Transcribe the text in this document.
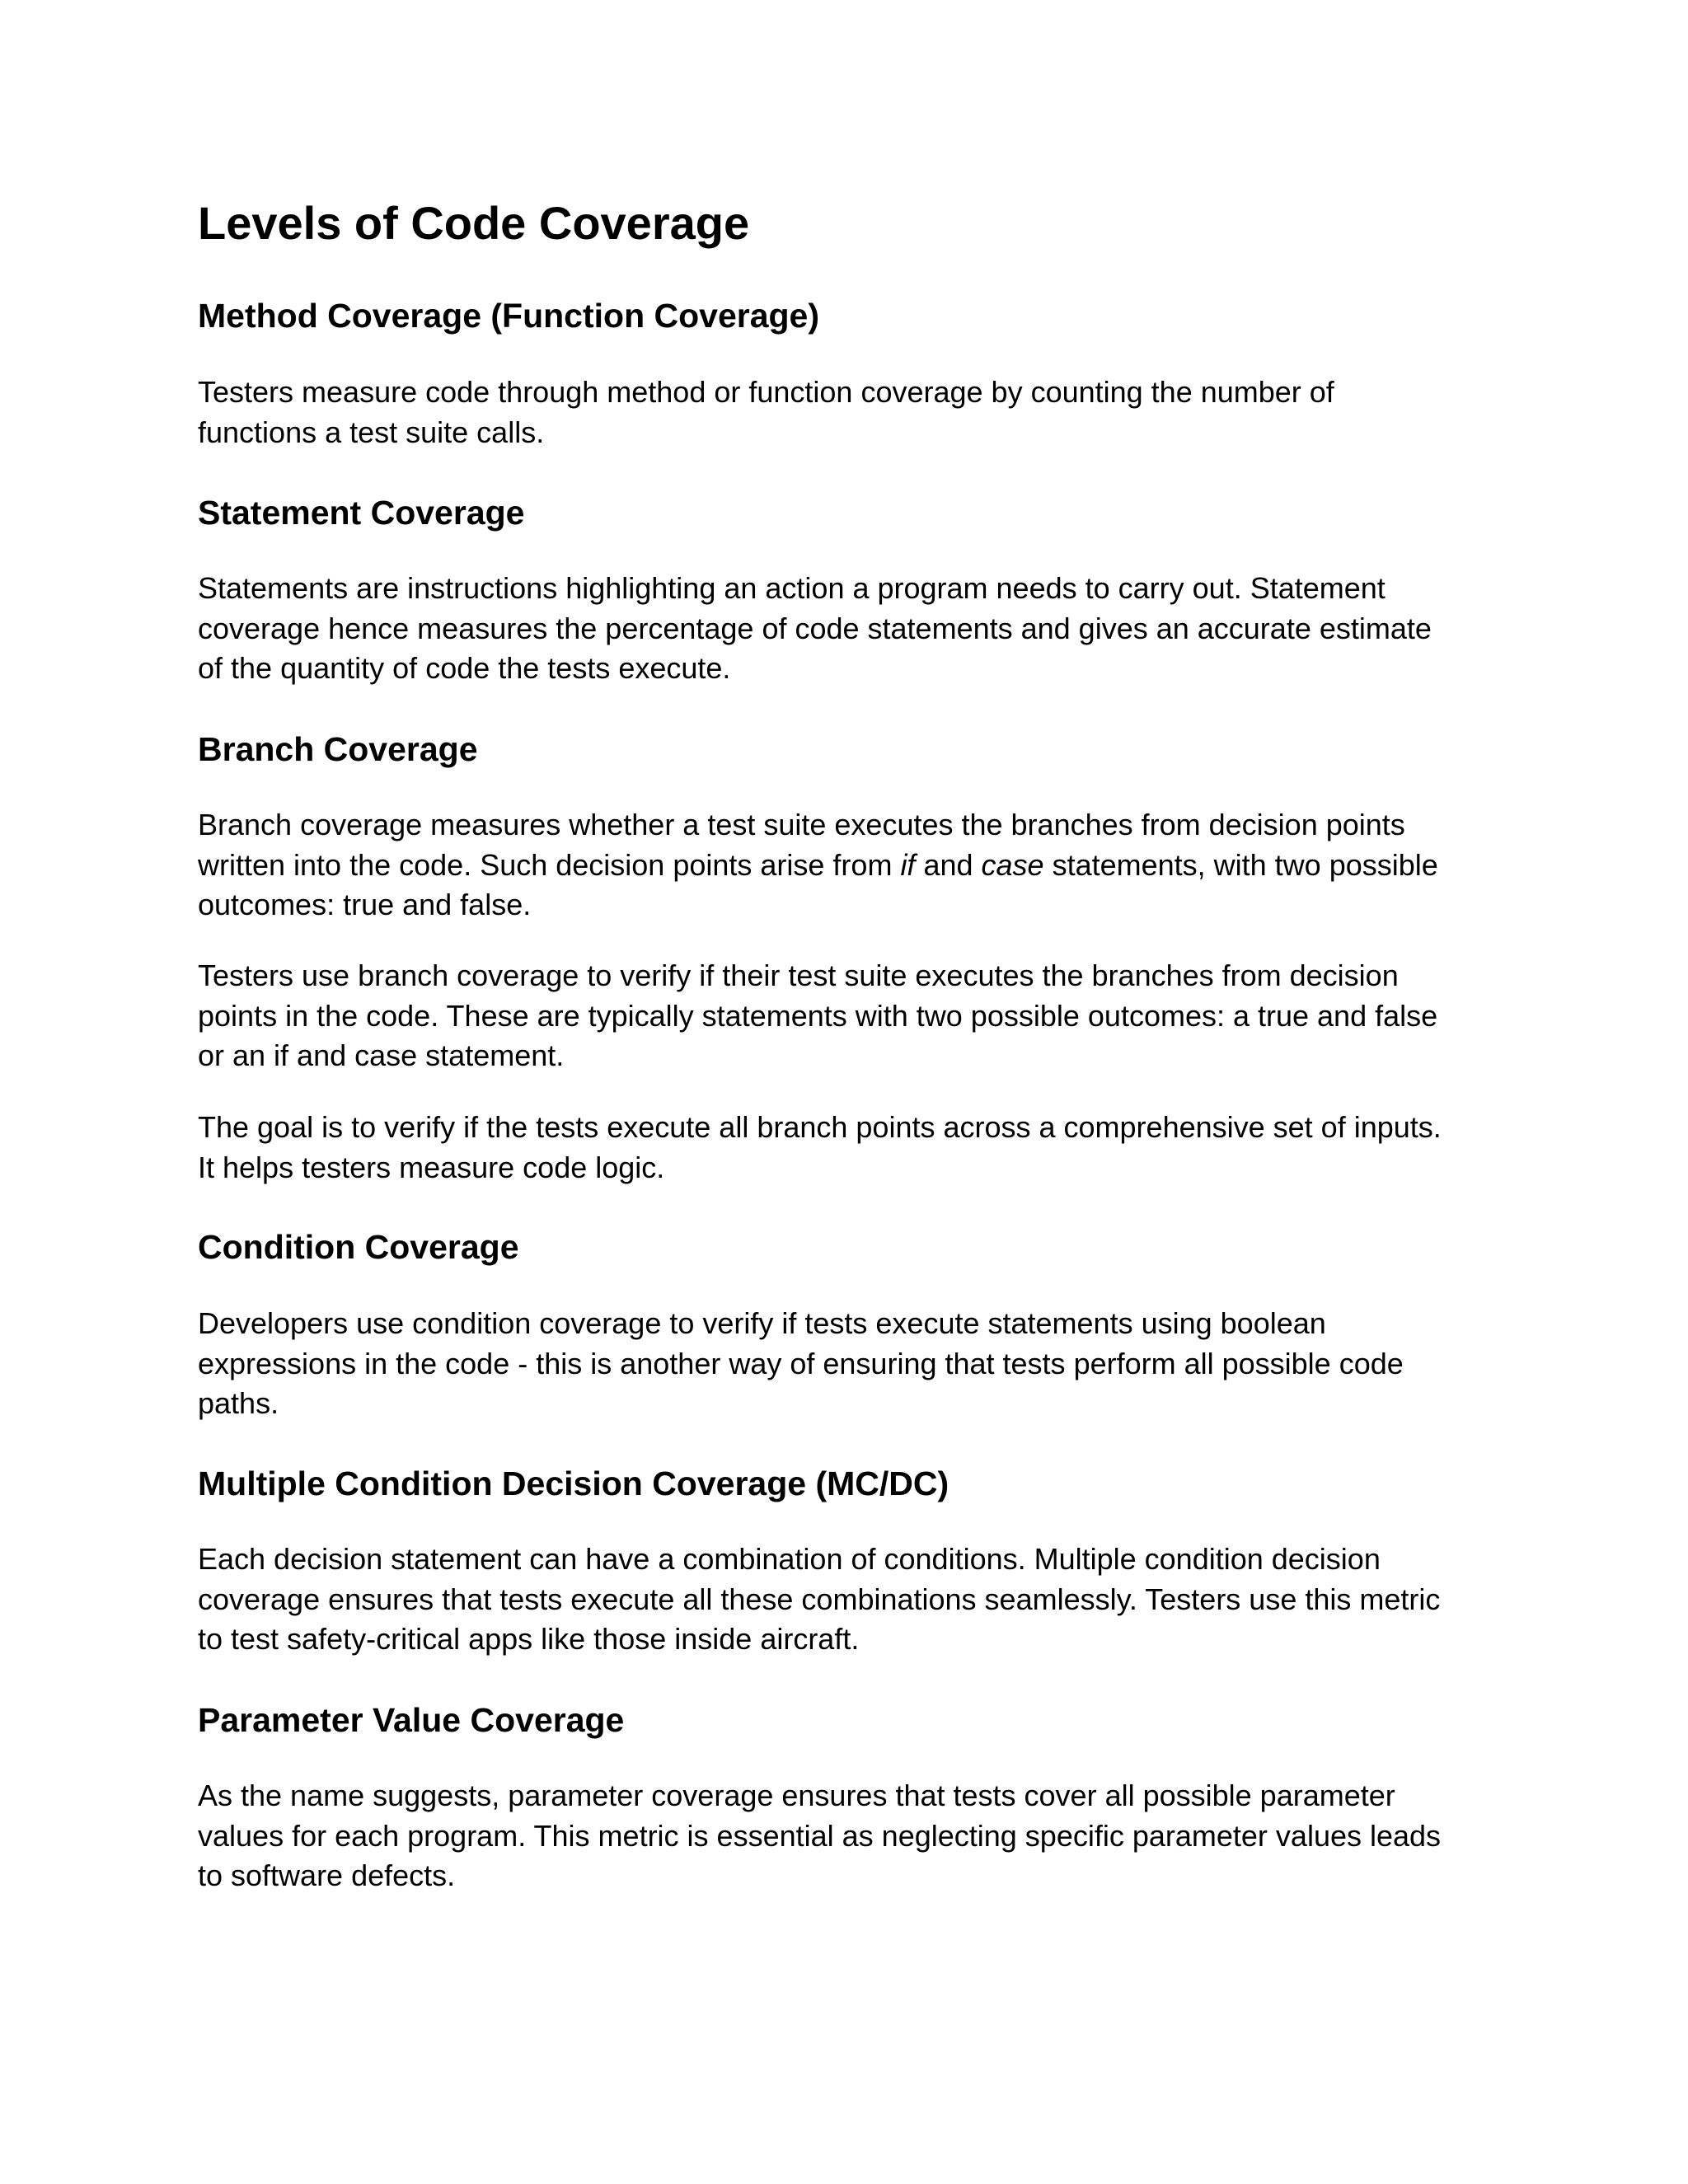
Levels of Code Coverage
Method Coverage (Function Coverage)

Testers measure code through method or function coverage by counting the number of
functions a test suite calls.

Statement Coverage

Statements are instructions highlighting an action a program needs to carry out. Statement
coverage hence measures the percentage of code statements and gives an accurate estimate
of the quantity of code the tests execute.

Branch Coverage

Branch coverage measures whether a test suite executes the branches from decision points
written into the code. Such decision points arise from if and case statements, with two possible
outcomes: true and false.

Testers use branch coverage to verify if their test suite executes the branches from decision
points in the code. These are typically statements with two possible outcomes: a true and false
or an if and case statement.

The goal is to verify if the tests execute all branch points across a comprehensive set of inputs.
It helps testers measure code logic.

Condition Coverage

Developers use condition coverage to verify if tests execute statements using boolean
expressions in the code - this is another way of ensuring that tests perform all possible code
paths.

Multiple Condition Decision Coverage (MC/DC)

Each decision statement can have a combination of conditions. Multiple condition decision
coverage ensures that tests execute all these combinations seamlessly. Testers use this metric
to test safety-critical apps like those inside aircraft.

Parameter Value Coverage

As the name suggests, parameter coverage ensures that tests cover all possible parameter
values for each program. This metric is essential as neglecting specific parameter values leads
to software defects.
